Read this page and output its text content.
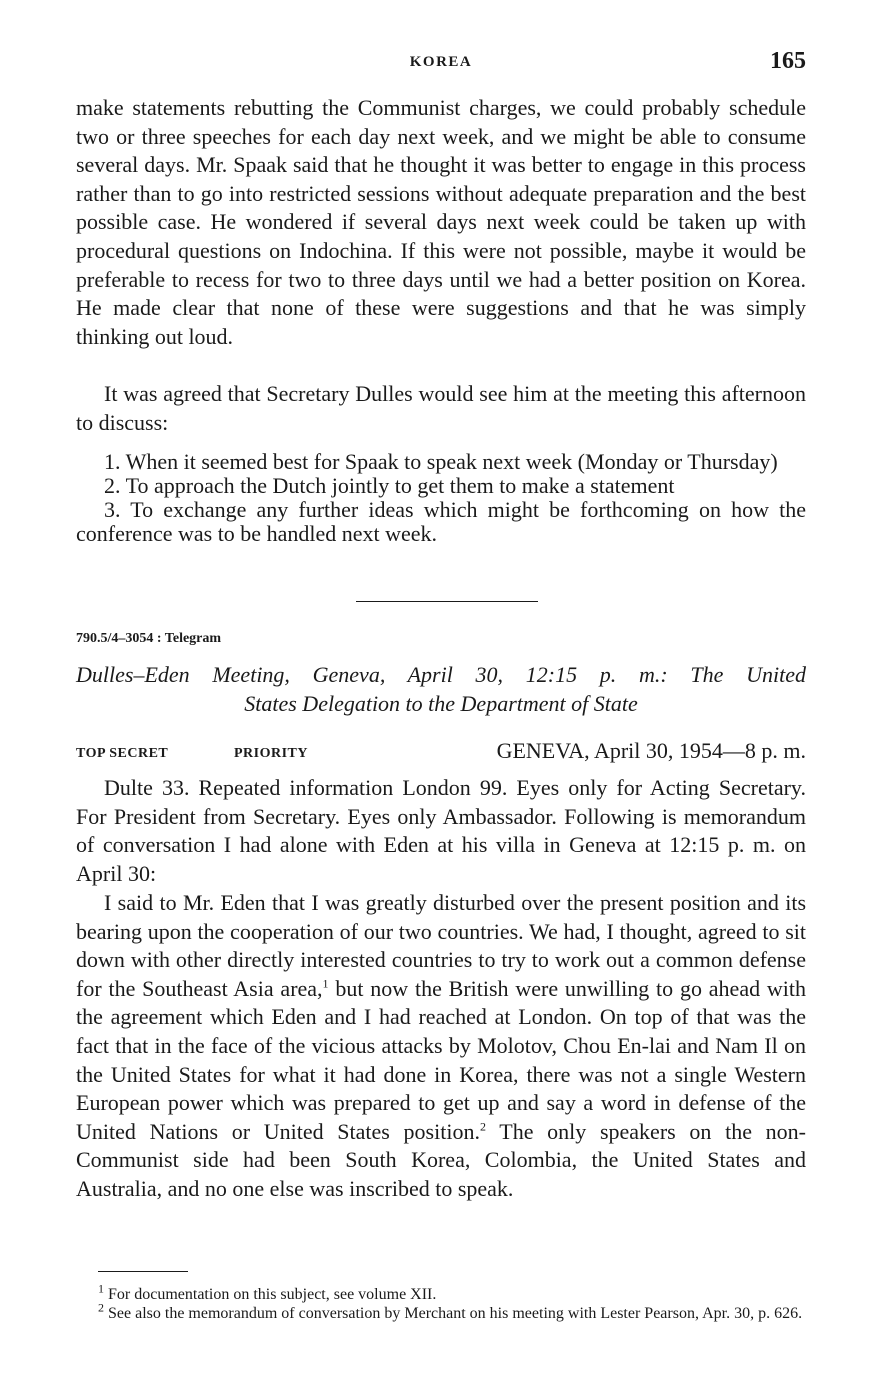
KOREA	165

make statements rebutting the Communist charges, we could probably schedule two or three speeches for each day next week, and we might be able to consume several days. Mr. Spaak said that he thought it was better to engage in this process rather than to go into restricted sessions without adequate preparation and the best possible case. He wondered if several days next week could be taken up with procedural questions on Indochina. If this were not possible, maybe it would be preferable to recess for two to three days until we had a better position on Korea. He made clear that none of these were suggestions and that he was simply thinking out loud.

It was agreed that Secretary Dulles would see him at the meeting this afternoon to discuss:

1. When it seemed best for Spaak to speak next week (Monday or Thursday)
2. To approach the Dutch jointly to get them to make a statement
3. To exchange any further ideas which might be forthcoming on how the conference was to be handled next week.
790.5/4–3054 : Telegram

Dulles–Eden Meeting, Geneva, April 30, 12:15 p. m.: The United
States Delegation to the Department of State

TOP SECRET	PRIORITY	GENEVA, April 30, 1954—8 p. m.

Dulte 33. Repeated information London 99. Eyes only for Acting Secretary. For President from Secretary. Eyes only Ambassador. Following is memorandum of conversation I had alone with Eden at his villa in Geneva at 12:15 p. m. on April 30:

I said to Mr. Eden that I was greatly disturbed over the present position and its bearing upon the cooperation of our two countries. We had, I thought, agreed to sit down with other directly interested countries to try to work out a common defense for the Southeast Asia area,$^1$ but now the British were unwilling to go ahead with the agreement which Eden and I had reached at London. On top of that was the fact that in the face of the vicious attacks by Molotov, Chou En-lai and Nam Il on the United States for what it had done in Korea, there was not a single Western European power which was prepared to get up and say a word in defense of the United Nations or United States position.$^2$ The only speakers on the non-Communist side had been South Korea, Colombia, the United States and Australia, and no one else was inscribed to speak.

$^1$ For documentation on this subject, see volume XII.

$^2$ See also the memorandum of conversation by Merchant on his meeting with Lester Pearson, Apr. 30, p. 626.
